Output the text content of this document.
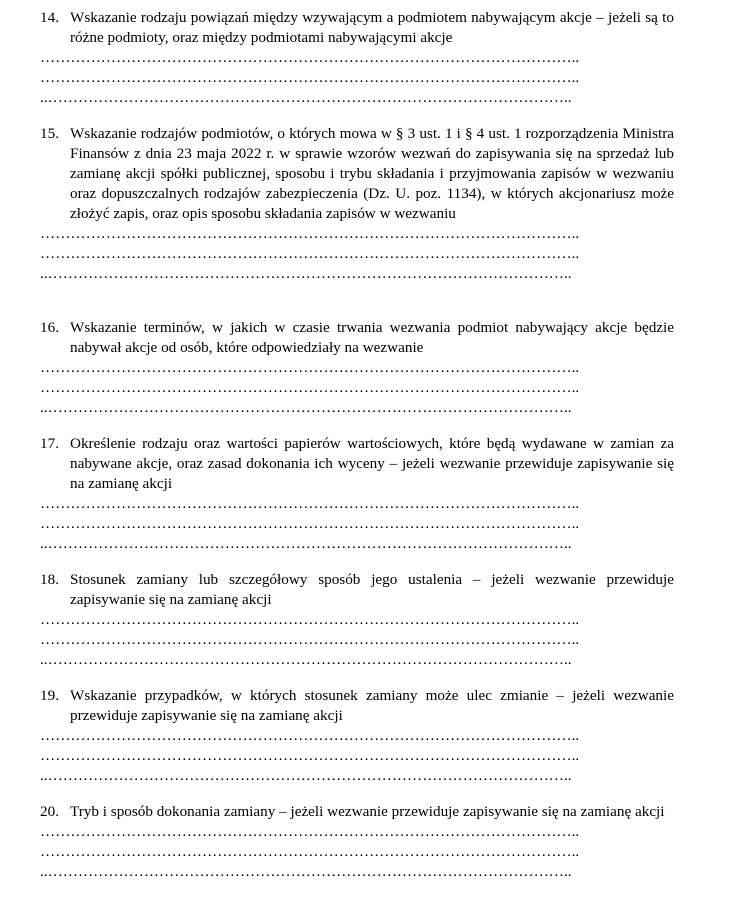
14. Wskazanie rodzaju powiązań między wzywającym a podmiotem nabywającym akcje – jeżeli są to różne podmioty, oraz między podmiotami nabywającymi akcje
……………………………………………………………………………………………..
……………………………………………………………………………………………..
..…………………………………………………………………………………………..
15. Wskazanie rodzajów podmiotów, o których mowa w § 3 ust. 1 i § 4 ust. 1 rozporządzenia Ministra Finansów z dnia 23 maja 2022 r. w sprawie wzorów wezwań do zapisywania się na sprzedaż lub zamianę akcji spółki publicznej, sposobu i trybu składania i przyjmowania zapisów w wezwaniu oraz dopuszczalnych rodzajów zabezpieczenia (Dz. U. poz. 1134), w których akcjonariusz może złożyć zapis, oraz opis sposobu składania zapisów w wezwaniu
……………………………………………………………………………………………..
……………………………………………………………………………………………..
..…………………………………………………………………………………………..
16. Wskazanie terminów, w jakich w czasie trwania wezwania podmiot nabywający akcje będzie nabywał akcje od osób, które odpowiedziały na wezwanie
……………………………………………………………………………………………..
……………………………………………………………………………………………..
..…………………………………………………………………………………………..
17. Określenie rodzaju oraz wartości papierów wartościowych, które będą wydawane w zamian za nabywane akcje, oraz zasad dokonania ich wyceny – jeżeli wezwanie przewiduje zapisywanie się na zamianę akcji
……………………………………………………………………………………………..
……………………………………………………………………………………………..
..…………………………………………………………………………………………..
18. Stosunek zamiany lub szczegółowy sposób jego ustalenia – jeżeli wezwanie przewiduje zapisywanie się na zamianę akcji
……………………………………………………………………………………………..
……………………………………………………………………………………………..
..…………………………………………………………………………………………..
19. Wskazanie przypadków, w których stosunek zamiany może ulec zmianie – jeżeli wezwanie przewiduje zapisywanie się na zamianę akcji
……………………………………………………………………………………………..
……………………………………………………………………………………………..
..…………………………………………………………………………………………..
20. Tryb i sposób dokonania zamiany – jeżeli wezwanie przewiduje zapisywanie się na zamianę akcji
……………………………………………………………………………………………..
……………………………………………………………………………………………..
..…………………………………………………………………………………………..
